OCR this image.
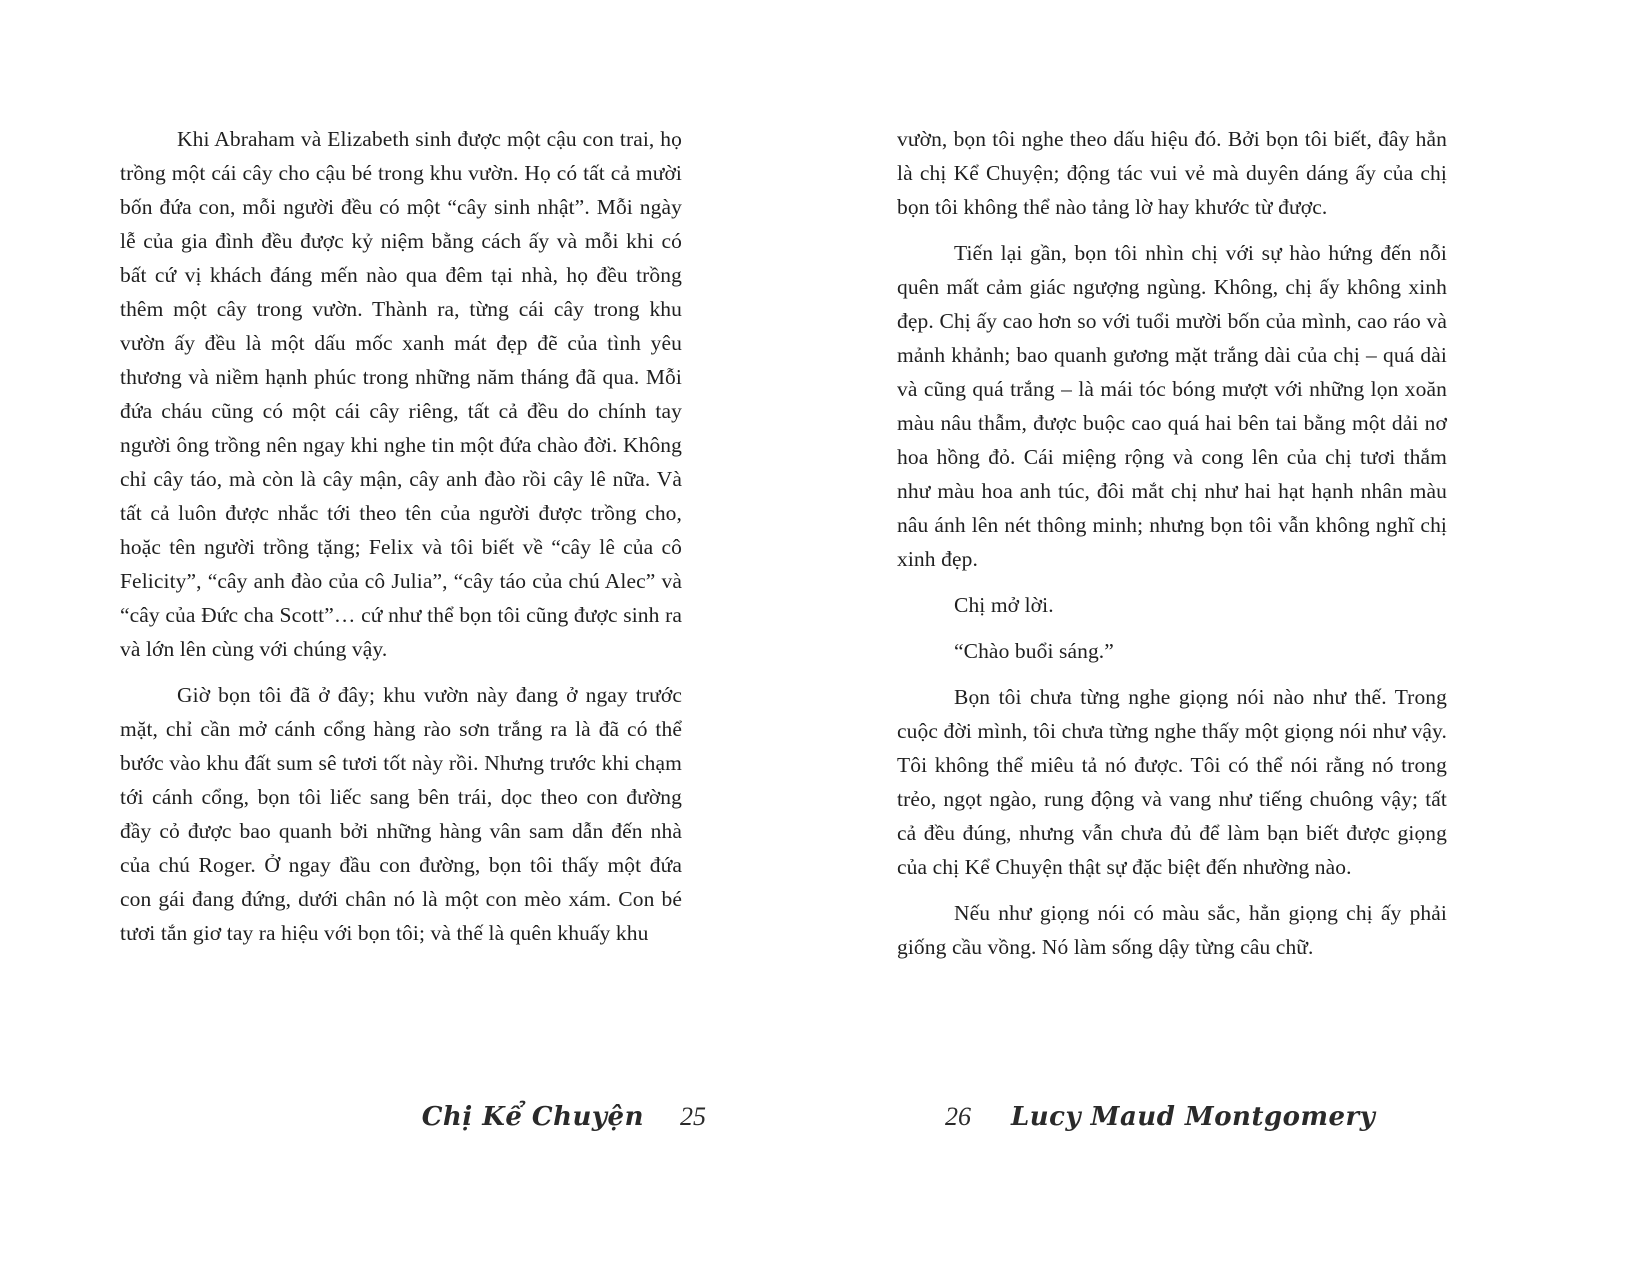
Khi Abraham và Elizabeth sinh được một cậu con trai, họ trồng một cái cây cho cậu bé trong khu vườn. Họ có tất cả mười bốn đứa con, mỗi người đều có một “cây sinh nhật”. Mỗi ngày lễ của gia đình đều được kỷ niệm bằng cách ấy và mỗi khi có bất cứ vị khách đáng mến nào qua đêm tại nhà, họ đều trồng thêm một cây trong vườn. Thành ra, từng cái cây trong khu vườn ấy đều là một dấu mốc xanh mát đẹp đẽ của tình yêu thương và niềm hạnh phúc trong những năm tháng đã qua. Mỗi đứa cháu cũng có một cái cây riêng, tất cả đều do chính tay người ông trồng nên ngay khi nghe tin một đứa chào đời. Không chỉ cây táo, mà còn là cây mận, cây anh đào rồi cây lê nữa. Và tất cả luôn được nhắc tới theo tên của người được trồng cho, hoặc tên người trồng tặng; Felix và tôi biết về “cây lê của cô Felicity”, “cây anh đào của cô Julia”, “cây táo của chú Alec” và “cây của Đức cha Scott”… cứ như thể bọn tôi cũng được sinh ra và lớn lên cùng với chúng vậy.

Giờ bọn tôi đã ở đây; khu vườn này đang ở ngay trước mặt, chỉ cần mở cánh cổng hàng rào sơn trắng ra là đã có thể bước vào khu đất sum sê tươi tốt này rồi. Nhưng trước khi chạm tới cánh cổng, bọn tôi liếc sang bên trái, dọc theo con đường đầy cỏ được bao quanh bởi những hàng vân sam dẫn đến nhà của chú Roger. Ở ngay đầu con đường, bọn tôi thấy một đứa con gái đang đứng, dưới chân nó là một con mèo xám. Con bé tươi tắn giơ tay ra hiệu với bọn tôi; và thế là quên khuấy khu

Chị Kể Chuyện 25

vườn, bọn tôi nghe theo dấu hiệu đó. Bởi bọn tôi biết, đây hẳn là chị Kể Chuyện; động tác vui vẻ mà duyên dáng ấy của chị bọn tôi không thể nào tảng lờ hay khước từ được.

Tiến lại gần, bọn tôi nhìn chị với sự hào hứng đến nỗi quên mất cảm giác ngượng ngùng. Không, chị ấy không xinh đẹp. Chị ấy cao hơn so với tuổi mười bốn của mình, cao ráo và mảnh khảnh; bao quanh gương mặt trắng dài của chị – quá dài và cũng quá trắng – là mái tóc bóng mượt với những lọn xoăn màu nâu thẫm, được buộc cao quá hai bên tai bằng một dải nơ hoa hồng đỏ. Cái miệng rộng và cong lên của chị tươi thắm như màu hoa anh túc, đôi mắt chị như hai hạt hạnh nhân màu nâu ánh lên nét thông minh; nhưng bọn tôi vẫn không nghĩ chị xinh đẹp.

Chị mở lời.

“Chào buổi sáng.”

Bọn tôi chưa từng nghe giọng nói nào như thế. Trong cuộc đời mình, tôi chưa từng nghe thấy một giọng nói như vậy. Tôi không thể miêu tả nó được. Tôi có thể nói rằng nó trong trẻo, ngọt ngào, rung động và vang như tiếng chuông vậy; tất cả đều đúng, nhưng vẫn chưa đủ để làm bạn biết được giọng của chị Kể Chuyện thật sự đặc biệt đến nhường nào.

Nếu như giọng nói có màu sắc, hẳn giọng chị ấy phải giống cầu vồng. Nó làm sống dậy từng câu chữ.

26 Lucy Maud Montgomery
